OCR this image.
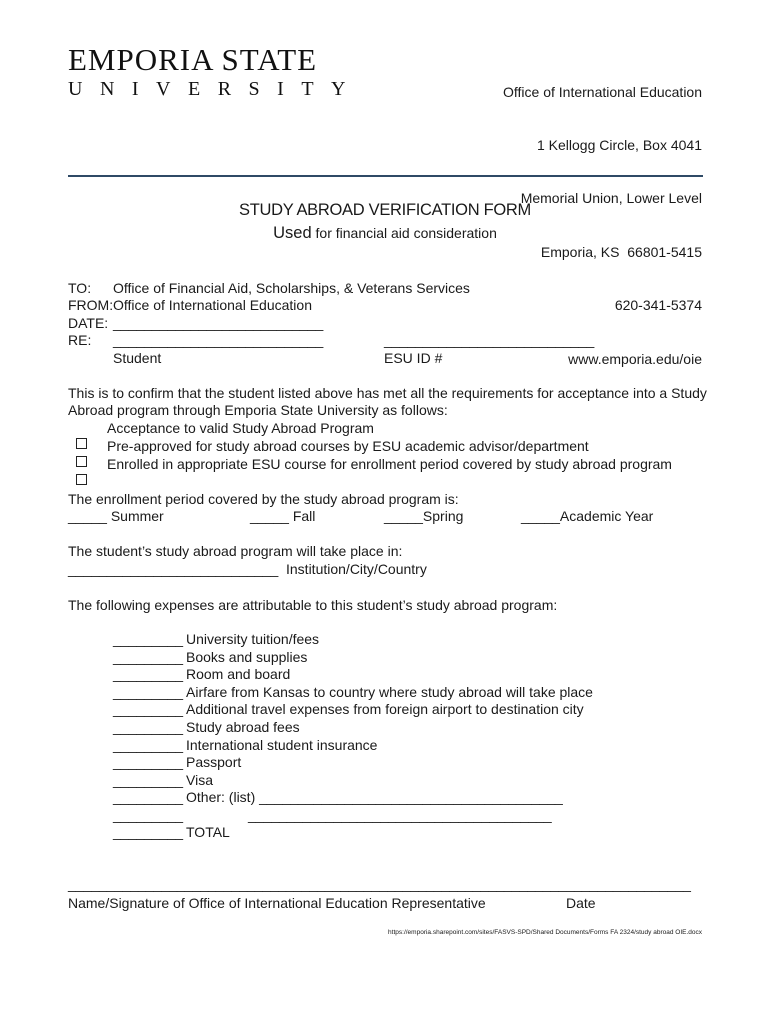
EMPORIA STATE
UNIVERSITY

	Office of International Education

1 Kellogg Circle, Box 4041

Memorial Union, Lower Level

Emporia, KS  66801-5415

620-341-5374

www.emporia.edu/oie

STUDY ABROAD VERIFICATION FORM
Used for financial aid consideration
TO: Office of Financial Aid, Scholarships, & Veterans Services
FROM: Office of International Education
DATE: ___________________________
RE: ___________________________	___________________________
Student	ESU ID #
This is to confirm that the student listed above has met all the requirements for acceptance into a Study
Abroad program through Emporia State University as follows:

Acceptance to valid Study Abroad Program

Pre-approved for study abroad courses by ESU academic advisor/department

Enrolled in appropriate ESU course for enrollment period covered by study abroad program
The enrollment period covered by the study abroad program is:
_____ Summer	_____ Fall	_____Spring	_____Academic Year
The student’s study abroad program will take place in:
___________________________ Institution/City/Country
The following expenses are attributable to this student’s study abroad program:
_________ University tuition/fees
_________ Books and supplies
_________ Room and board
_________ Airfare from Kansas to country where study abroad will take place
_________ Additional travel expenses from foreign airport to destination city
_________ Study abroad fees
_________ International student insurance
_________ Passport
_________ Visa
_________ Other: (list) _______________________________________
_________	_______________________________________
_________ TOTAL
________________________________________________________________________________
Name/Signature of Office of International Education Representative	Date
https://emporia.sharepoint.com/sites/FASVS-SPD/Shared Documents/Forms FA 2324/study abroad OIE.docx
